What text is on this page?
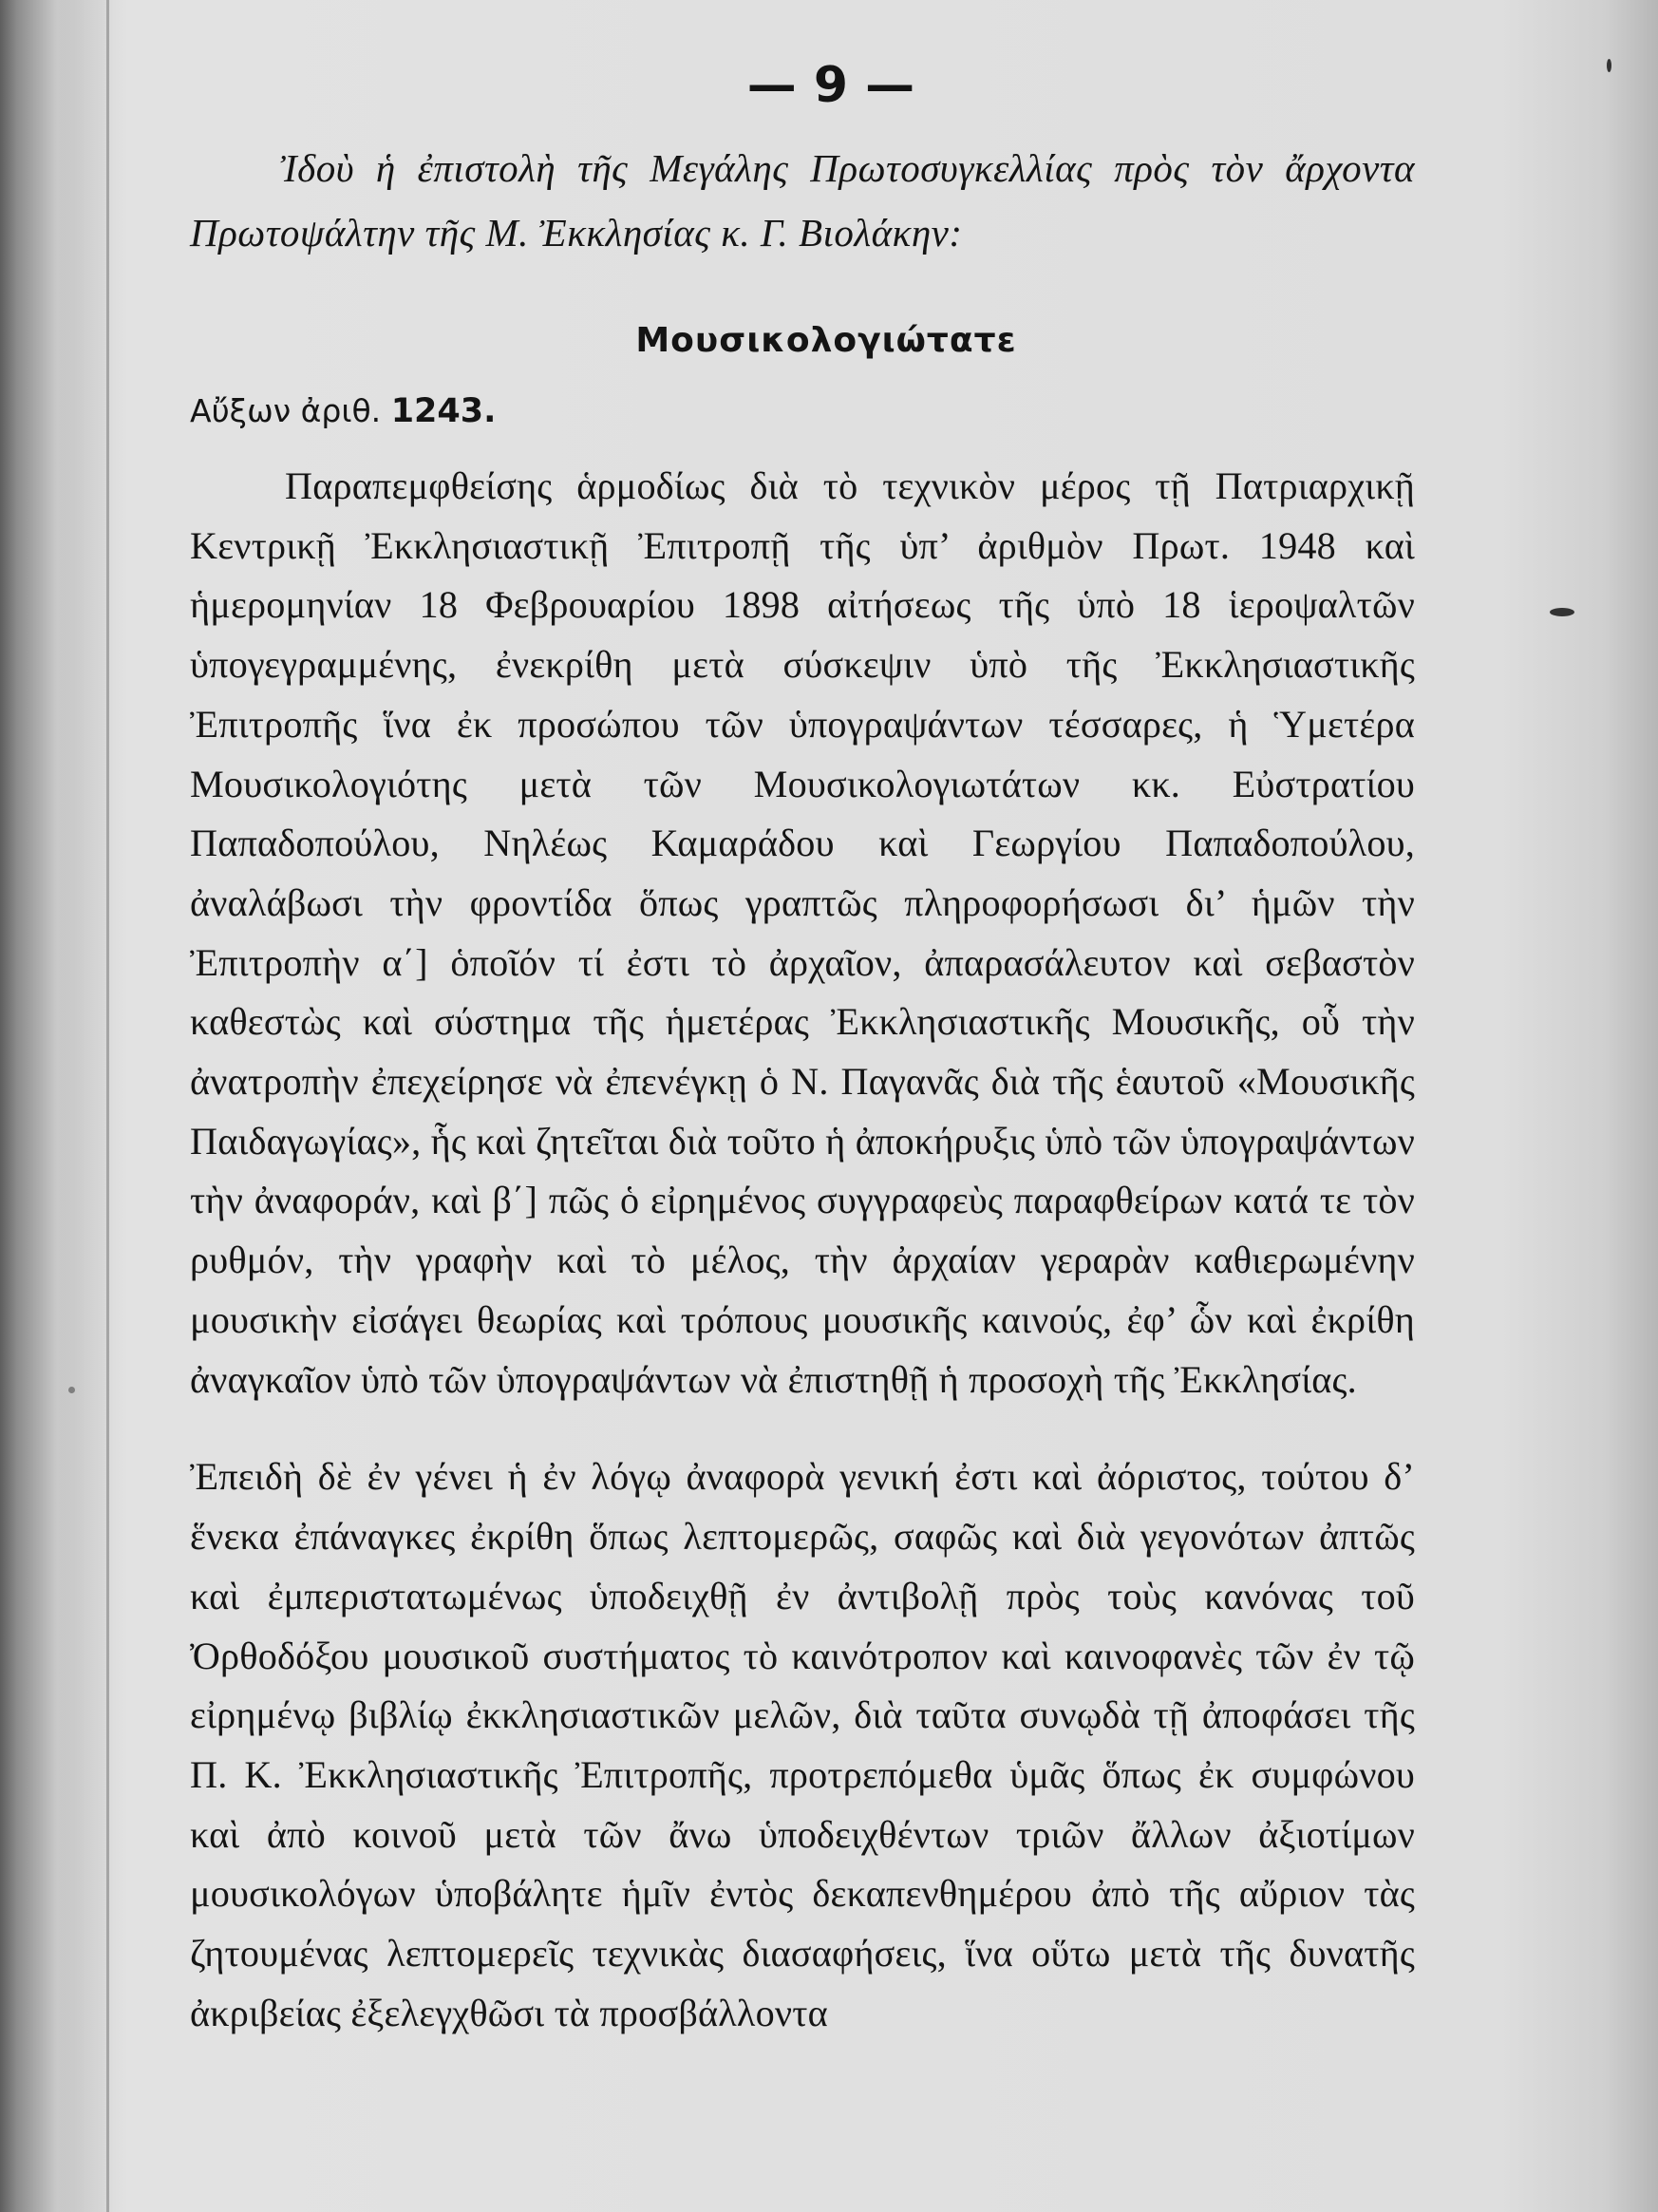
— 9 —

Ἰδοὺ ἡ ἐπιστολὴ τῆς Μεγάλης Πρωτοσυγκελλίας πρὸς τὸν ἄρχοντα Πρωτοψάλτην τῆς Μ. Ἐκκλησίας κ. Γ. Βιολάκην:

Μουσικολογιώτατε
Αὔξων ἀριθ. 1243.

Παραπεμφθείσης ἁρμοδίως διὰ τὸ τεχνικὸν μέρος τῇ Πατριαρχικῇ Κεντρικῇ Ἐκκλησιαστικῇ Ἐπιτροπῇ τῆς ὑπ’ ἀριθμὸν Πρωτ. 1948 καὶ ἡμερομηνίαν 18 Φεβρουαρίου 1898 αἰτήσεως τῆς ὑπὸ 18 ἱεροψαλτῶν ὑπογεγραμμένης, ἐνεκρίθη μετὰ σύσκεψιν ὑπὸ τῆς Ἐκκλησιαστικῆς Ἐπιτροπῆς ἵνα ἐκ προσώπου τῶν ὑπογραψάντων τέσσαρες, ἡ Ὑμετέρα Μουσικολογιότης μετὰ τῶν Μουσικολογιωτάτων κκ. Εὐστρατίου Παπαδοπούλου, Νηλέως Καμαράδου καὶ Γεωργίου Παπαδοπούλου, ἀναλάβωσι τὴν φροντίδα ὅπως γραπτῶς πληροφορήσωσι δι’ ἡμῶν τὴν Ἐπιτροπὴν α΄] ὁποῖόν τί ἐστι τὸ ἀρχαῖον, ἀπαρασάλευτον καὶ σεβαστὸν καθεστὼς καὶ σύστημα τῆς ἡμετέρας Ἐκκλησιαστικῆς Μουσικῆς, οὗ τὴν ἀνατροπὴν ἐπεχείρησε νὰ ἐπενέγκῃ ὁ Ν. Παγανᾶς διὰ τῆς ἑαυτοῦ «Μουσικῆς Παιδαγωγίας», ἧς καὶ ζητεῖται διὰ τοῦτο ἡ ἀποκήρυξις ὑπὸ τῶν ὑπογραψάντων τὴν ἀναφοράν, καὶ β΄] πῶς ὁ εἰρημένος συγγραφεὺς παραφθείρων κατά τε τὸν ρυθμόν, τὴν γραφὴν καὶ τὸ μέλος, τὴν ἀρχαίαν γεραρὰν καθιερωμένην μουσικὴν εἰσάγει θεωρίας καὶ τρόπους μουσικῆς καινούς, ἐφ’ ὧν καὶ ἐκρίθη ἀναγκαῖον ὑπὸ τῶν ὑπογραψάντων νὰ ἐπιστηθῇ ἡ προσοχὴ τῆς Ἐκκλησίας.

Ἐπειδὴ δὲ ἐν γένει ἡ ἐν λόγῳ ἀναφορὰ γενική ἐστι καὶ ἀόριστος, τούτου δ’ ἕνεκα ἐπάναγκες ἐκρίθη ὅπως λεπτομερῶς, σαφῶς καὶ διὰ γεγονότων ἀπτῶς καὶ ἐμπεριστατωμένως ὑποδειχθῇ ἐν ἀντιβολῇ πρὸς τοὺς κανόνας τοῦ Ὀρθοδόξου μουσικοῦ συστήματος τὸ καινότροπον καὶ καινοφανὲς τῶν ἐν τῷ εἰρημένῳ βιβλίῳ ἐκκλησιαστικῶν μελῶν, διὰ ταῦτα συνῳδὰ τῇ ἀποφάσει τῆς Π. Κ. Ἐκκλησιαστικῆς Ἐπιτροπῆς, προτρεπόμεθα ὑμᾶς ὅπως ἐκ συμφώνου καὶ ἀπὸ κοινοῦ μετὰ τῶν ἄνω ὑποδειχθέντων τριῶν ἄλλων ἀξιοτίμων μουσικολόγων ὑποβάλητε ἡμῖν ἐντὸς δεκαπενθημέρου ἀπὸ τῆς αὔριον τὰς ζητουμένας λεπτομερεῖς τεχνικὰς διασαφήσεις, ἵνα οὕτω μετὰ τῆς δυνατῆς ἀκριβείας ἐξελεγχθῶσι τὰ προσβάλλοντα
